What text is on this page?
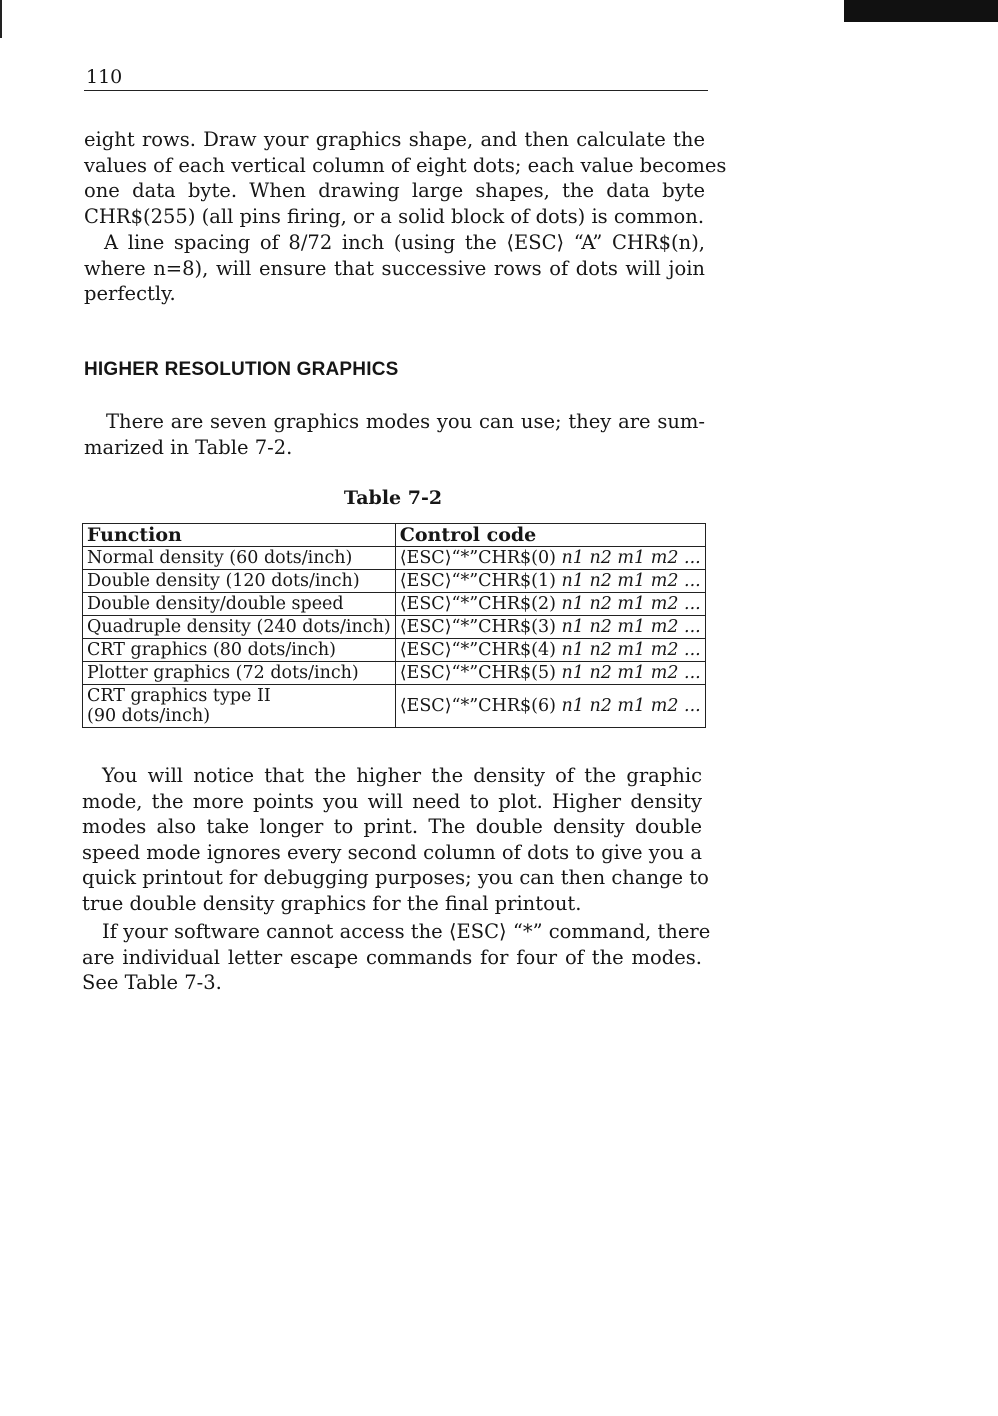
110
eight rows. Draw your graphics shape, and then calculate the
values of each vertical column of eight dots; each value becomes
one data byte. When drawing large shapes, the data byte
CHR$(255) (all pins firing, or a solid block of dots) is common.
A line spacing of 8/72 inch (using the ⟨ESC⟩ “A” CHR$(n),
where n=8), will ensure that successive rows of dots will join
perfectly.
HIGHER RESOLUTION GRAPHICS
There are seven graphics modes you can use; they are sum-
marized in Table 7-2.
Table 7-2
Function	Control code
Normal density (60 dots/inch)	⟨ESC⟩“*”CHR$(0) n1 n2 m1 m2 ...
Double density (120 dots/inch)	⟨ESC⟩“*”CHR$(1) n1 n2 m1 m2 ...
Double density/double speed	⟨ESC⟩“*”CHR$(2) n1 n2 m1 m2 ...
Quadruple density (240 dots/inch)	⟨ESC⟩“*”CHR$(3) n1 n2 m1 m2 ...
CRT graphics (80 dots/inch)	⟨ESC⟩“*”CHR$(4) n1 n2 m1 m2 ...
Plotter graphics (72 dots/inch)	⟨ESC⟩“*”CHR$(5) n1 n2 m1 m2 ...
CRT graphics type II
(90 dots/inch)	⟨ESC⟩“*”CHR$(6) n1 n2 m1 m2 ...
You will notice that the higher the density of the graphic
mode, the more points you will need to plot. Higher density
modes also take longer to print. The double density double
speed mode ignores every second column of dots to give you a
quick printout for debugging purposes; you can then change to
true double density graphics for the final printout.
If your software cannot access the ⟨ESC⟩ “*” command, there
are individual letter escape commands for four of the modes.
See Table 7-3.
